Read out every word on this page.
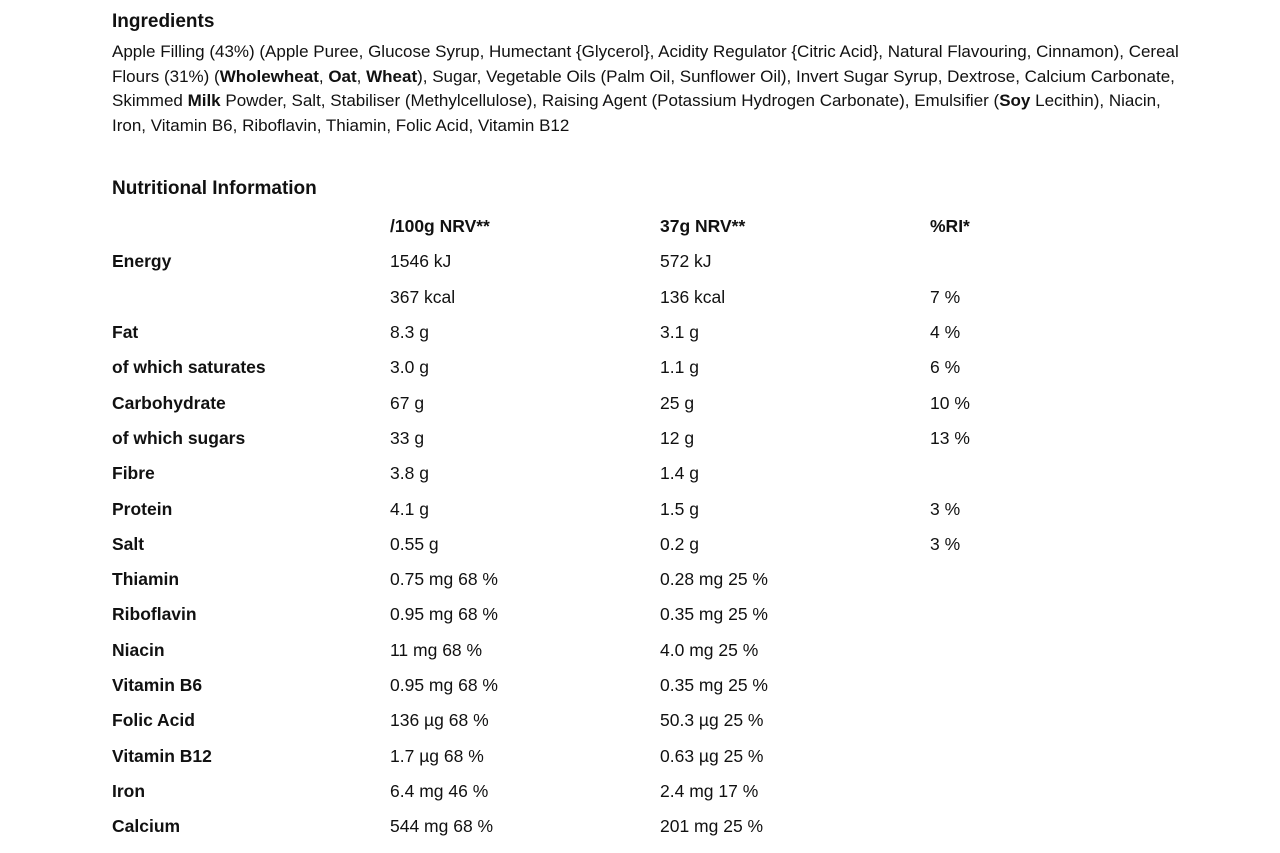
Ingredients
Apple Filling (43%) (Apple Puree, Glucose Syrup, Humectant {Glycerol}, Acidity Regulator {Citric Acid}, Natural Flavouring, Cinnamon), Cereal Flours (31%) (Wholewheat, Oat, Wheat), Sugar, Vegetable Oils (Palm Oil, Sunflower Oil), Invert Sugar Syrup, Dextrose, Calcium Carbonate, Skimmed Milk Powder, Salt, Stabiliser (Methylcellulose), Raising Agent (Potassium Hydrogen Carbonate), Emulsifier (Soy Lecithin), Niacin, Iron, Vitamin B6, Riboflavin, Thiamin, Folic Acid, Vitamin B12
Nutritional Information
	/100g NRV**	37g NRV**	%RI*
Energy	1546 kJ	572 kJ	
	367 kcal	136 kcal	7 %
Fat	8.3 g	3.1 g	4 %
of which saturates	3.0 g	1.1 g	6 %
Carbohydrate	67 g	25 g	10 %
of which sugars	33 g	12 g	13 %
Fibre	3.8 g	1.4 g	
Protein	4.1 g	1.5 g	3 %
Salt	0.55 g	0.2 g	3 %
Thiamin	0.75 mg 68 %	0.28 mg 25 %	
Riboflavin	0.95 mg 68 %	0.35 mg 25 %	
Niacin	11 mg 68 %	4.0 mg 25 %	
Vitamin B6	0.95 mg 68 %	0.35 mg 25 %	
Folic Acid	136 µg 68 %	50.3 µg 25 %	
Vitamin B12	1.7 µg 68 %	0.63 µg 25 %	
Iron	6.4 mg 46 %	2.4 mg 17 %	
Calcium	544 mg 68 %	201 mg 25 %	
